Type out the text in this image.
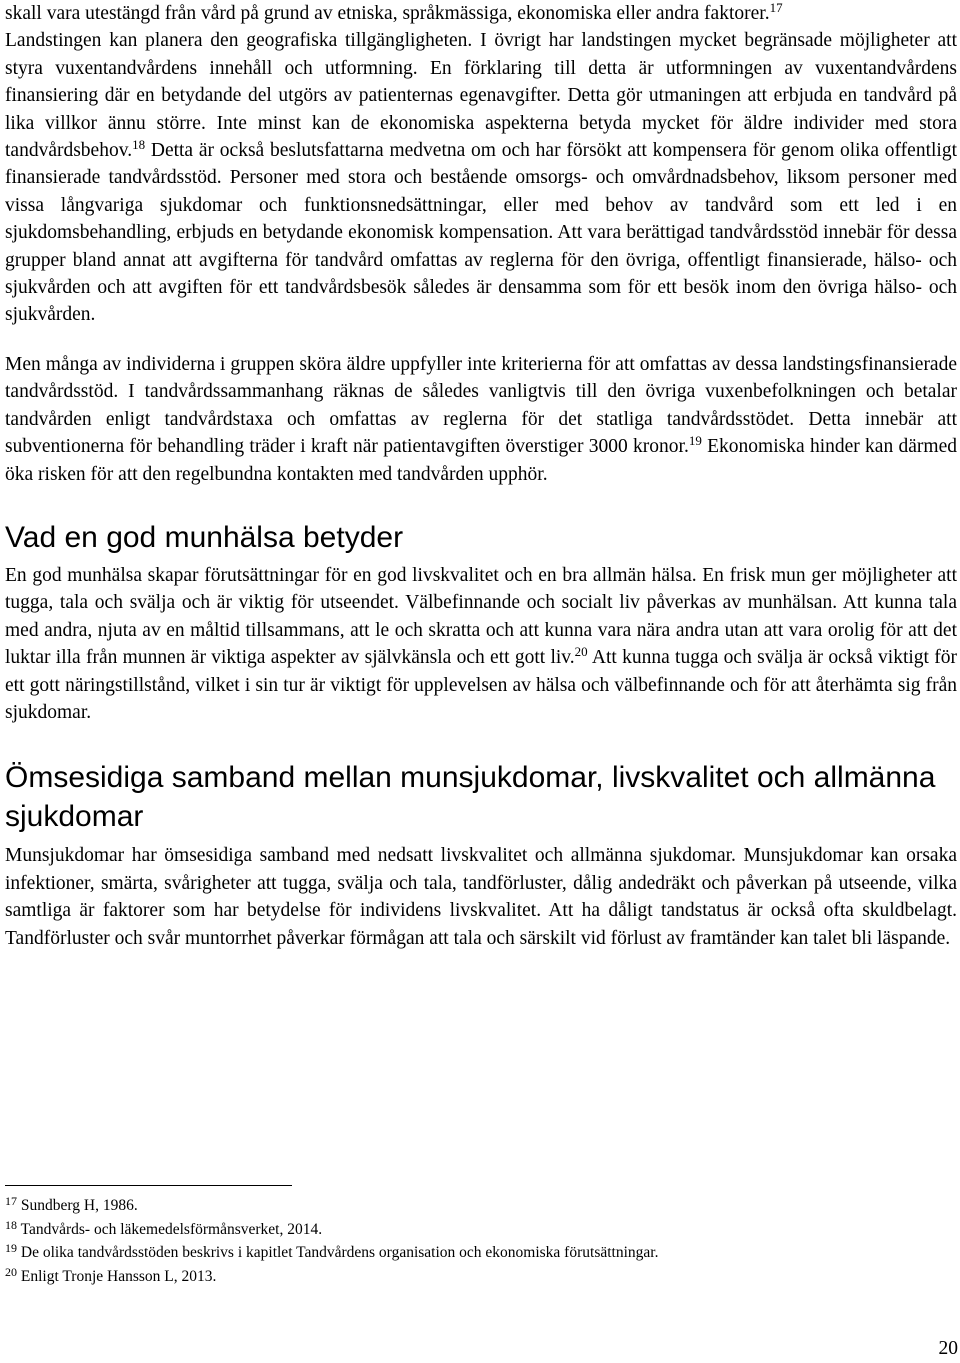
skall vara utestängd från vård på grund av etniska, språkmässiga, ekonomiska eller andra faktorer.$^{17}$

Landstingen kan planera den geografiska tillgängligheten. I övrigt har landstingen mycket begränsade möjligheter att styra vuxentandvårdens innehåll och utformning. En förklaring till detta är utformningen av vuxentandvårdens finansiering där en betydande del utgörs av patienternas egenavgifter. Detta gör utmaningen att erbjuda en tandvård på lika villkor ännu större. Inte minst kan de ekonomiska aspekterna betyda mycket för äldre individer med stora tandvårdsbehov.$^{18}$ Detta är också beslutsfattarna medvetna om och har försökt att kompensera för genom olika offentligt finansierade tandvårdsstöd. Personer med stora och bestående omsorgs- och omvårdnadsbehov, liksom personer med vissa långvariga sjukdomar och funktionsnedsättningar, eller med behov av tandvård som ett led i en sjukdomsbehandling, erbjuds en betydande ekonomisk kompensation. Att vara berättigad tandvårdsstöd innebär för dessa grupper bland annat att avgifterna för tandvård omfattas av reglerna för den övriga, offentligt finansierade, hälso- och sjukvården och att avgiften för ett tandvårdsbesök således är densamma som för ett besök inom den övriga hälso- och sjukvården.

Men många av individerna i gruppen sköra äldre uppfyller inte kriterierna för att omfattas av dessa landstingsfinansierade tandvårdsstöd. I tandvårdssammanhang räknas de således vanligtvis till den övriga vuxenbefolkningen och betalar tandvården enligt tandvårdstaxa och omfattas av reglerna för det statliga tandvårdsstödet. Detta innebär att subventionerna för behandling träder i kraft när patientavgiften överstiger 3000 kronor.$^{19}$ Ekonomiska hinder kan därmed öka risken för att den regelbundna kontakten med tandvården upphör.

Vad en god munhälsa betyder

En god munhälsa skapar förutsättningar för en god livskvalitet och en bra allmän hälsa. En frisk mun ger möjligheter att tugga, tala och svälja och är viktig för utseendet. Välbefinnande och socialt liv påverkas av munhälsan. Att kunna tala med andra, njuta av en måltid tillsammans, att le och skratta och att kunna vara nära andra utan att vara orolig för att det luktar illa från munnen är viktiga aspekter av självkänsla och ett gott liv.$^{20}$ Att kunna tugga och svälja är också viktigt för ett gott näringstillstånd, vilket i sin tur är viktigt för upplevelsen av hälsa och välbefinnande och för att återhämta sig från sjukdomar.

Ömsesidiga samband mellan munsjukdomar, livskvalitet och allmänna sjukdomar

Munsjukdomar har ömsesidiga samband med nedsatt livskvalitet och allmänna sjukdomar. Munsjukdomar kan orsaka infektioner, smärta, svårigheter att tugga, svälja och tala, tandförluster, dålig andedräkt och påverkan på utseende, vilka samtliga är faktorer som har betydelse för individens livskvalitet. Att ha dåligt tandstatus är också ofta skuldbelagt. Tandförluster och svår muntorrhet påverkar förmågan att tala och särskilt vid förlust av framtänder kan talet bli läspande.

$^{17}$ Sundberg H, 1986.
$^{18}$ Tandvårds- och läkemedelsförmånsverket, 2014.
$^{19}$ De olika tandvårdsstöden beskrivs i kapitlet Tandvårdens organisation och ekonomiska förutsättningar.
$^{20}$ Enligt Tronje Hansson L, 2013.
20
